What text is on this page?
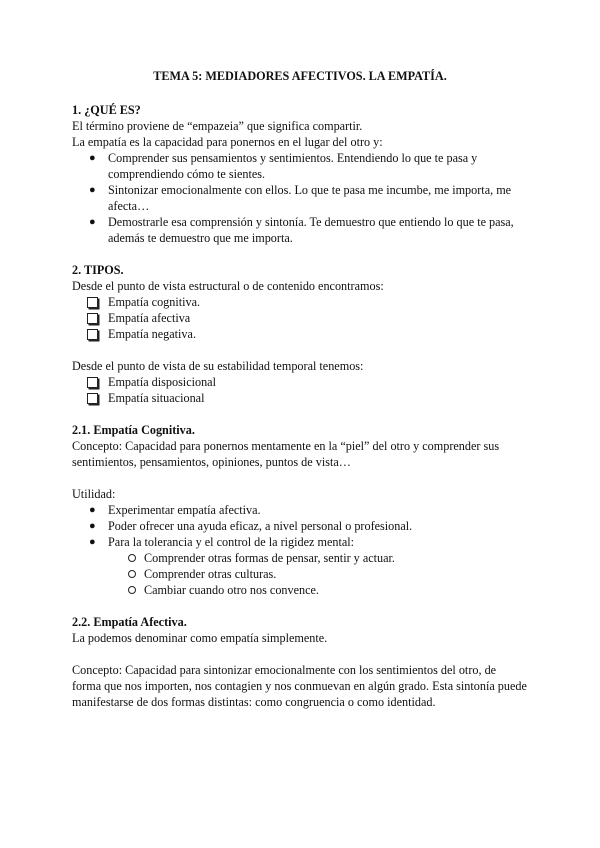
TEMA 5: MEDIADORES AFECTIVOS. LA EMPATÍA.

1. ¿QUÉ ES?

El término proviene de “empazeia” que significa compartir.

La empatía es la capacidad para ponernos en el lugar del otro y:

● Comprender sus pensamientos y sentimientos. Entendiendo lo que te pasa y comprendiendo cómo te sientes.
● Sintonizar emocionalmente con ellos. Lo que te pasa me incumbe, me importa, me afecta…
● Demostrarle esa comprensión y sintonía. Te demuestro que entiendo lo que te pasa, además te demuestro que me importa.

2. TIPOS.

Desde el punto de vista estructural o de contenido encontramos:

Empatía cognitiva.
Empatía afectiva
Empatía negativa.

Desde el punto de vista de su estabilidad temporal tenemos:

Empatía disposicional
Empatía situacional

2.1. Empatía Cognitiva.

Concepto: Capacidad para ponernos mentamente en la “piel” del otro y comprender sus sentimientos, pensamientos, opiniones, puntos de vista…

Utilidad:

● Experimentar empatía afectiva.
● Poder ofrecer una ayuda eficaz, a nivel personal o profesional.
● Para la tolerancia y el control de la rigidez mental:
Comprender otras formas de pensar, sentir y actuar.
Comprender otras culturas.
Cambiar cuando otro nos convence.

2.2. Empatía Afectiva.

La podemos denominar como empatía simplemente.

Concepto: Capacidad para sintonizar emocionalmente con los sentimientos del otro, de forma que nos importen, nos contagien y nos conmuevan en algún grado. Esta sintonía puede manifestarse de dos formas distintas: como congruencia o como identidad.
